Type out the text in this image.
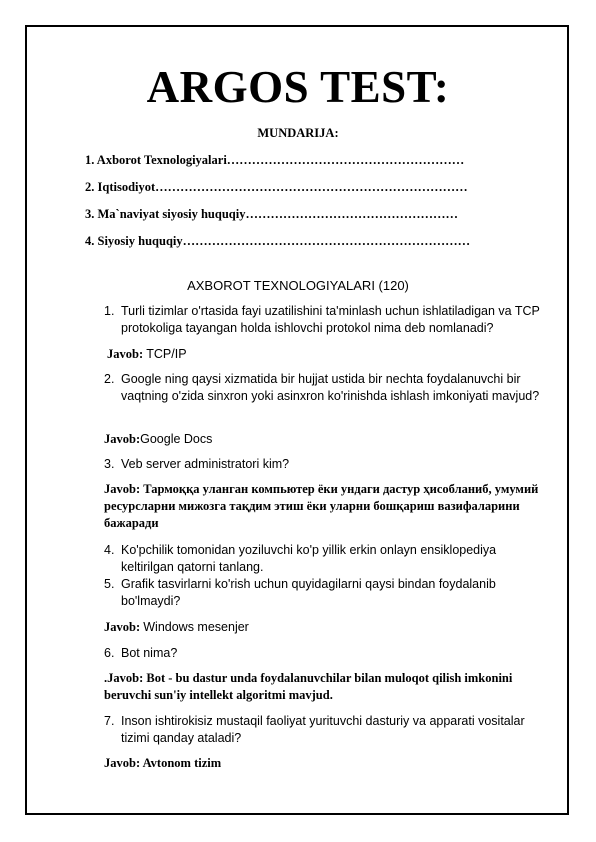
ARGOS TEST:
MUNDARIJA:
1. Axborot Texnologiyalari…………………………………………………
2. Iqtisodiyot…………………………………………………………………
3. Ma`naviyat siyosiy huquqiy……………………………………………
4. Siyosiy huquqiy……………………………………………………………
AXBOROT TEXNOLOGIYALARI (120)
1. Turli tizimlar o'rtasida fayi uzatilishini ta'minlash uchun ishlatiladigan va TCP protokoliga tayangan holda ishlovchi protokol nima deb nomlanadi?
Javob: TCP/IP
2. Google ning qaysi xizmatida bir hujjat ustida bir nechta foydalanuvchi bir vaqtning o'zida sinxron yoki asinxron ko'rinishda ishlash imkoniyati mavjud?
Javob:Google Docs
3. Veb server administratori kim?
Javob: Тармоққа уланган компьютер ёки ундаги дастур ҳисобланиб, умумий ресурсларни мижозга тақдим этиш ёки уларни бошқариш вазифаларини бажаради
4. Ko'pchilik tomonidan yoziluvchi ko'p yillik erkin onlayn ensiklopediya keltirilgan qatorni tanlang.
5. Grafik tasvirlarni ko'rish uchun quyidagilarni qaysi bindan foydalanib bo'lmaydi?
Javob: Windows mesenjer
6. Bot nima?
.Javob: Bot - bu dastur unda foydalanuvchilar bilan muloqot qilish imkonini beruvchi sun'iy intellekt algoritmi mavjud.
7. Inson ishtirokisiz mustaqil faoliyat yurituvchi dasturiy va apparati vositalar tizimi qanday ataladi?
Javob: Avtonom tizim
